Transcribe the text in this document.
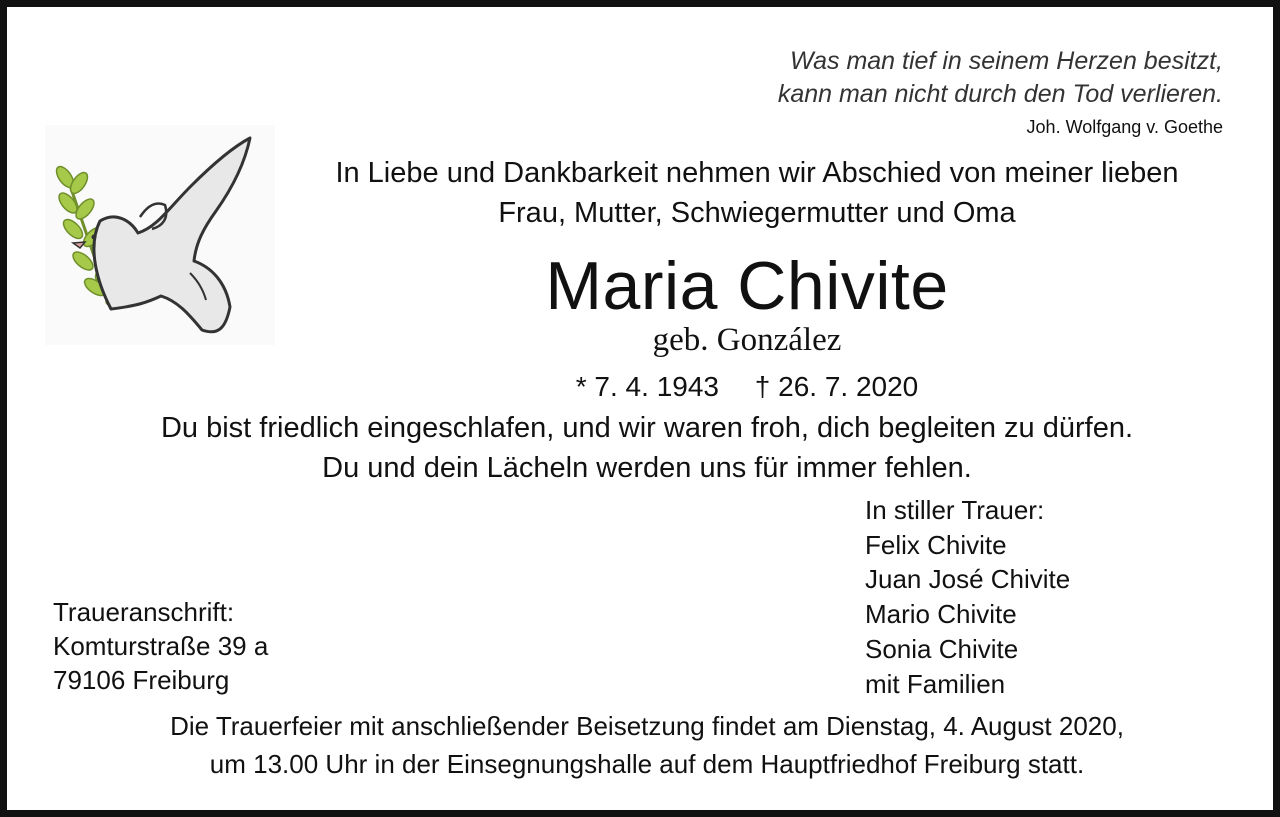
Was man tief in seinem Herzen besitzt,
kann man nicht durch den Tod verlieren.
Joh. Wolfgang v. Goethe
In Liebe und Dankbarkeit nehmen wir Abschied von meiner lieben
Frau, Mutter, Schwiegermutter und Oma
Maria Chivite
geb. González
* 7. 4. 1943 † 26. 7. 2020
Du bist friedlich eingeschlafen, und wir waren froh, dich begleiten zu dürfen.
Du und dein Lächeln werden uns für immer fehlen.
In stiller Trauer:
Felix Chivite
Juan José Chivite
Mario Chivite
Sonia Chivite
mit Familien
Traueranschrift:
Komturstraße 39 a
79106 Freiburg
Die Trauerfeier mit anschließender Beisetzung findet am Dienstag, 4. August 2020,
um 13.00 Uhr in der Einsegnungshalle auf dem Hauptfriedhof Freiburg statt.
